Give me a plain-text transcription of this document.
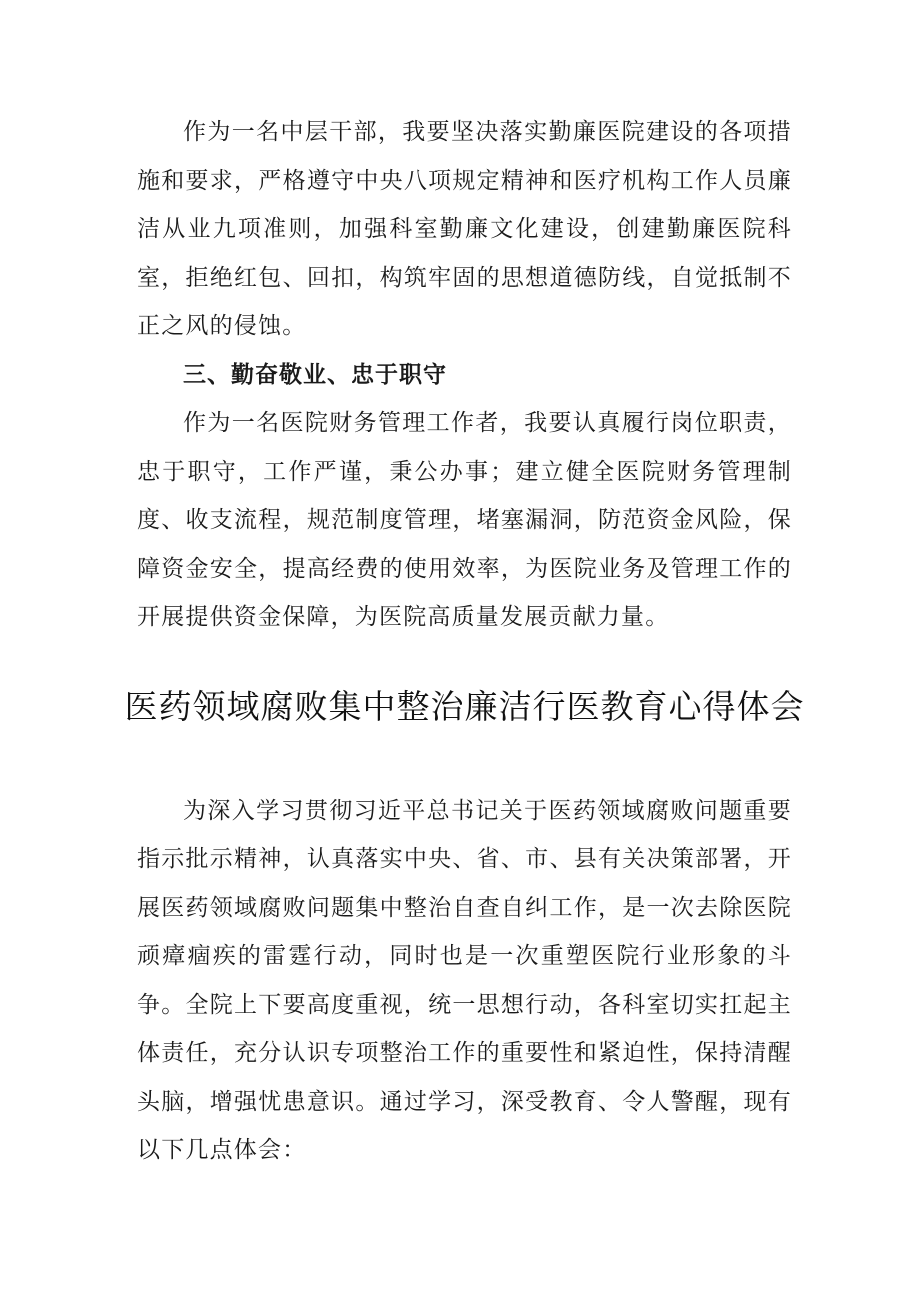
作为一名中层干部，我要坚决落实勤廉医院建设的各项措施和要求，严格遵守中央八项规定精神和医疗机构工作人员廉洁从业九项准则，加强科室勤廉文化建设，创建勤廉医院科室，拒绝红包、回扣，构筑牢固的思想道德防线，自觉抵制不正之风的侵蚀。

三、勤奋敬业、忠于职守

作为一名医院财务管理工作者，我要认真履行岗位职责，忠于职守，工作严谨，秉公办事；建立健全医院财务管理制度、收支流程，规范制度管理，堵塞漏洞，防范资金风险，保障资金安全，提高经费的使用效率，为医院业务及管理工作的开展提供资金保障，为医院高质量发展贡献力量。

医药领域腐败集中整治廉洁行医教育心得体会

为深入学习贯彻习近平总书记关于医药领域腐败问题重要指示批示精神，认真落实中央、省、市、县有关决策部署，开展医药领域腐败问题集中整治自查自纠工作，是一次去除医院顽瘴痼疾的雷霆行动，同时也是一次重塑医院行业形象的斗争。全院上下要高度重视，统一思想行动，各科室切实扛起主体责任，充分认识专项整治工作的重要性和紧迫性，保持清醒头脑，增强忧患意识。通过学习，深受教育、令人警醒，现有以下几点体会：
